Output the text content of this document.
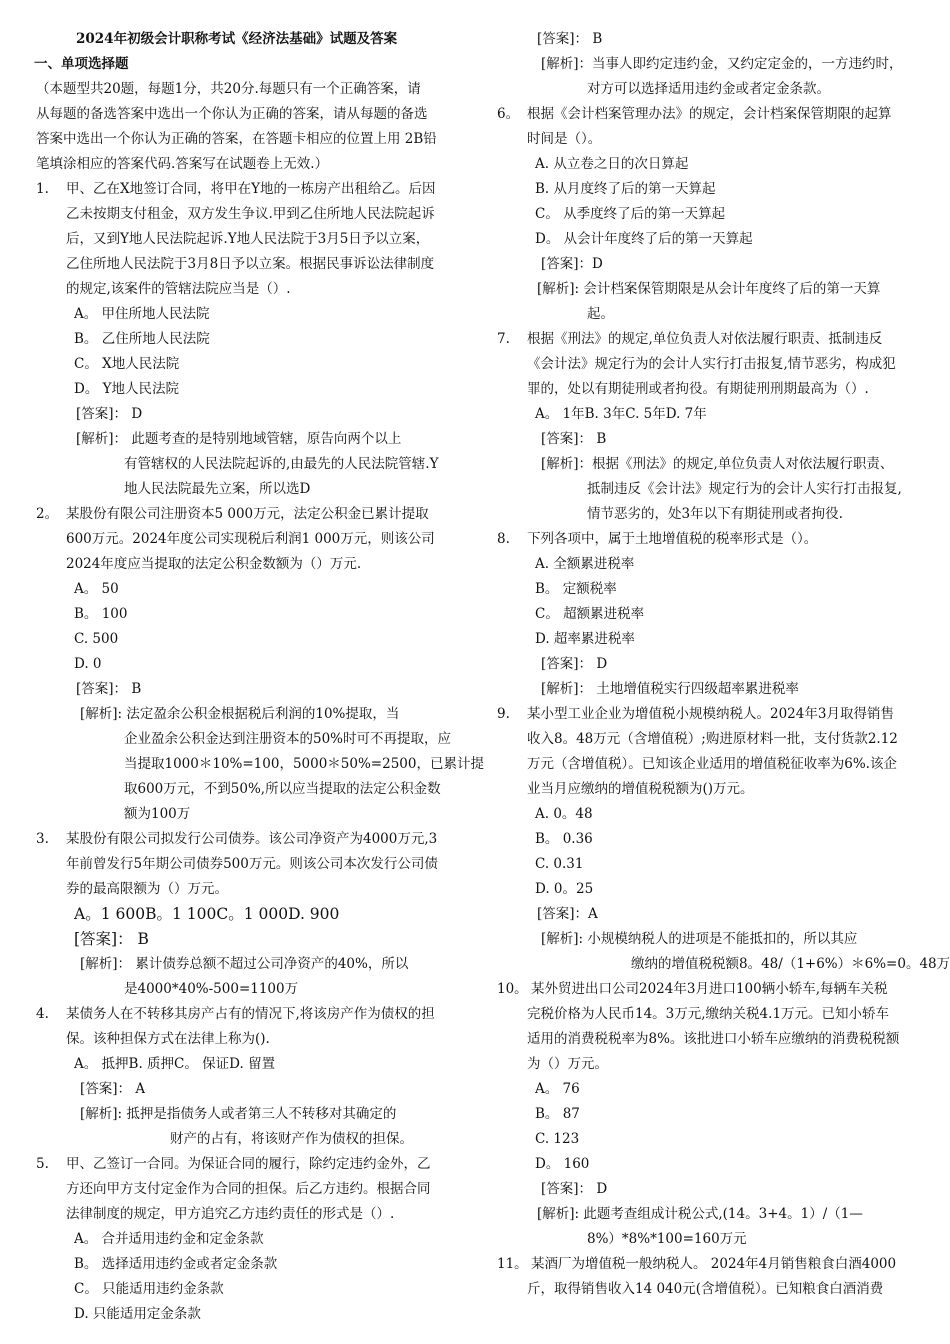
2024年初级会计职称考试《经济法基础》试题及答案
一、单项选择题
（本题型共20题，每题1分，共20分.每题只有一个正确答案，请
从每题的备选答案中选出一个你认为正确的答案，请从每题的备选
答案中选出一个你认为正确的答案，在答题卡相应的位置上用 2B铅
笔填涂相应的答案代码.答案写在试题卷上无效.）
1. 甲、乙在X地签订合同，将甲在Y地的一栋房产出租给乙。后因
乙未按期支付租金，双方发生争议.甲到乙住所地人民法院起诉
后，又到Y地人民法院起诉.Y地人民法院于3月5日予以立案，
乙住所地人民法院于3月8日予以立案。根据民事诉讼法律制度
的规定,该案件的管辖法院应当是（）.
A。 甲住所地人民法院
B。 乙住所地人民法院
C。 X地人民法院
D。 Y地人民法院
[答案]： D
[解析]： 此题考查的是特别地域管辖，原告向两个以上
有管辖权的人民法院起诉的,由最先的人民法院管辖.Y
地人民法院最先立案，所以选D
2。 某股份有限公司注册资本5 000万元，法定公积金已累计提取
600万元。2024年度公司实现税后利润1 000万元，则该公司
2024年度应当提取的法定公积金数额为（）万元.
A。 50
B。 100
C. 500
D. 0
[答案]： B
[解析]: 法定盈余公积金根据税后利润的10%提取，当
企业盈余公积金达到注册资本的50%时可不再提取，应
当提取1000＊10%=100，5000＊50%=2500，已累计提
取600万元，不到50%,所以应当提取的法定公积金数
额为100万
3. 某股份有限公司拟发行公司债券。该公司净资产为4000万元,3
年前曾发行5年期公司债券500万元。则该公司本次发行公司债
券的最高限额为（）万元。
A。1 600B。1 100C。1 000D. 900
[答案]： B
[解析]： 累计债券总额不超过公司净资产的40%，所以
是4000*40%-500=1100万
4. 某债务人在不转移其房产占有的情况下,将该房产作为债权的担
保。该种担保方式在法律上称为().
A。 抵押B. 质押C。 保证D. 留置
[答案]： A
[解析]: 抵押是指债务人或者第三人不转移对其确定的
财产的占有，将该财产作为债权的担保。
5. 甲、乙签订一合同。为保证合同的履行，除约定违约金外，乙
方还向甲方支付定金作为合同的担保。后乙方违约。根据合同
法律制度的规定，甲方追究乙方违约责任的形式是（）.
A。 合并适用违约金和定金条款
B。 选择适用违约金或者定金条款
C。 只能适用违约金条款
D. 只能适用定金条款
[答案]： B
[解析]：当事人即约定违约金，又约定定金的，一方违约时，
对方可以选择适用违约金或者定金条款。
6。 根据《会计档案管理办法》的规定，会计档案保管期限的起算
时间是（）。
A. 从立卷之日的次日算起
B. 从月度终了后的第一天算起
C。 从季度终了后的第一天算起
D。 从会计年度终了后的第一天算起
[答案]：D
[解析]: 会计档案保管期限是从会计年度终了后的第一天算
起。
7. 根据《刑法》的规定,单位负责人对依法履行职责、抵制违反
《会计法》规定行为的会计人实行打击报复,情节恶劣，构成犯
罪的，处以有期徒刑或者拘役。有期徒刑刑期最高为（）.
A。 1年B. 3年C. 5年D. 7年
[答案]： B
[解析]：根据《刑法》的规定,单位负责人对依法履行职责、
抵制违反《会计法》规定行为的会计人实行打击报复,
情节恶劣的，处3年以下有期徒刑或者拘役.
8. 下列各项中，属于土地增值税的税率形式是（）。
A. 全额累进税率
B。 定额税率
C。 超额累进税率
D. 超率累进税率
[答案]： D
[解析]： 土地增值税实行四级超率累进税率
9. 某小型工业企业为增值税小规模纳税人。2024年3月取得销售
收入8。48万元（含增值税）;购进原材料一批，支付货款2.12
万元（含增值税）。已知该企业适用的增值税征收率为6%.该企
业当月应缴纳的增值税税额为()万元。
A. 0。48
B。 0.36
C. 0.31
D. 0。25
[答案]：A
[解析]: 小规模纳税人的进项是不能抵扣的，所以其应
缴纳的增值税税额8。48/（1+6%）＊6%=0。48万
10。 某外贸进出口公司2024年3月进口100辆小轿车,每辆车关税
完税价格为人民币14。3万元,缴纳关税4.1万元。已知小轿车
适用的消费税税率为8%。该批进口小轿车应缴纳的消费税税额
为（）万元。
A。 76
B。 87
C. 123
D。 160
[答案]： D
[解析]: 此题考查组成计税公式,(14。3+4。1）/（1—
8%）*8%*100=160万元
11。 某酒厂为增值税一般纳税人。 2024年4月销售粮食白酒4000
斤，取得销售收入14 040元(含增值税）。已知粮食白酒消费
